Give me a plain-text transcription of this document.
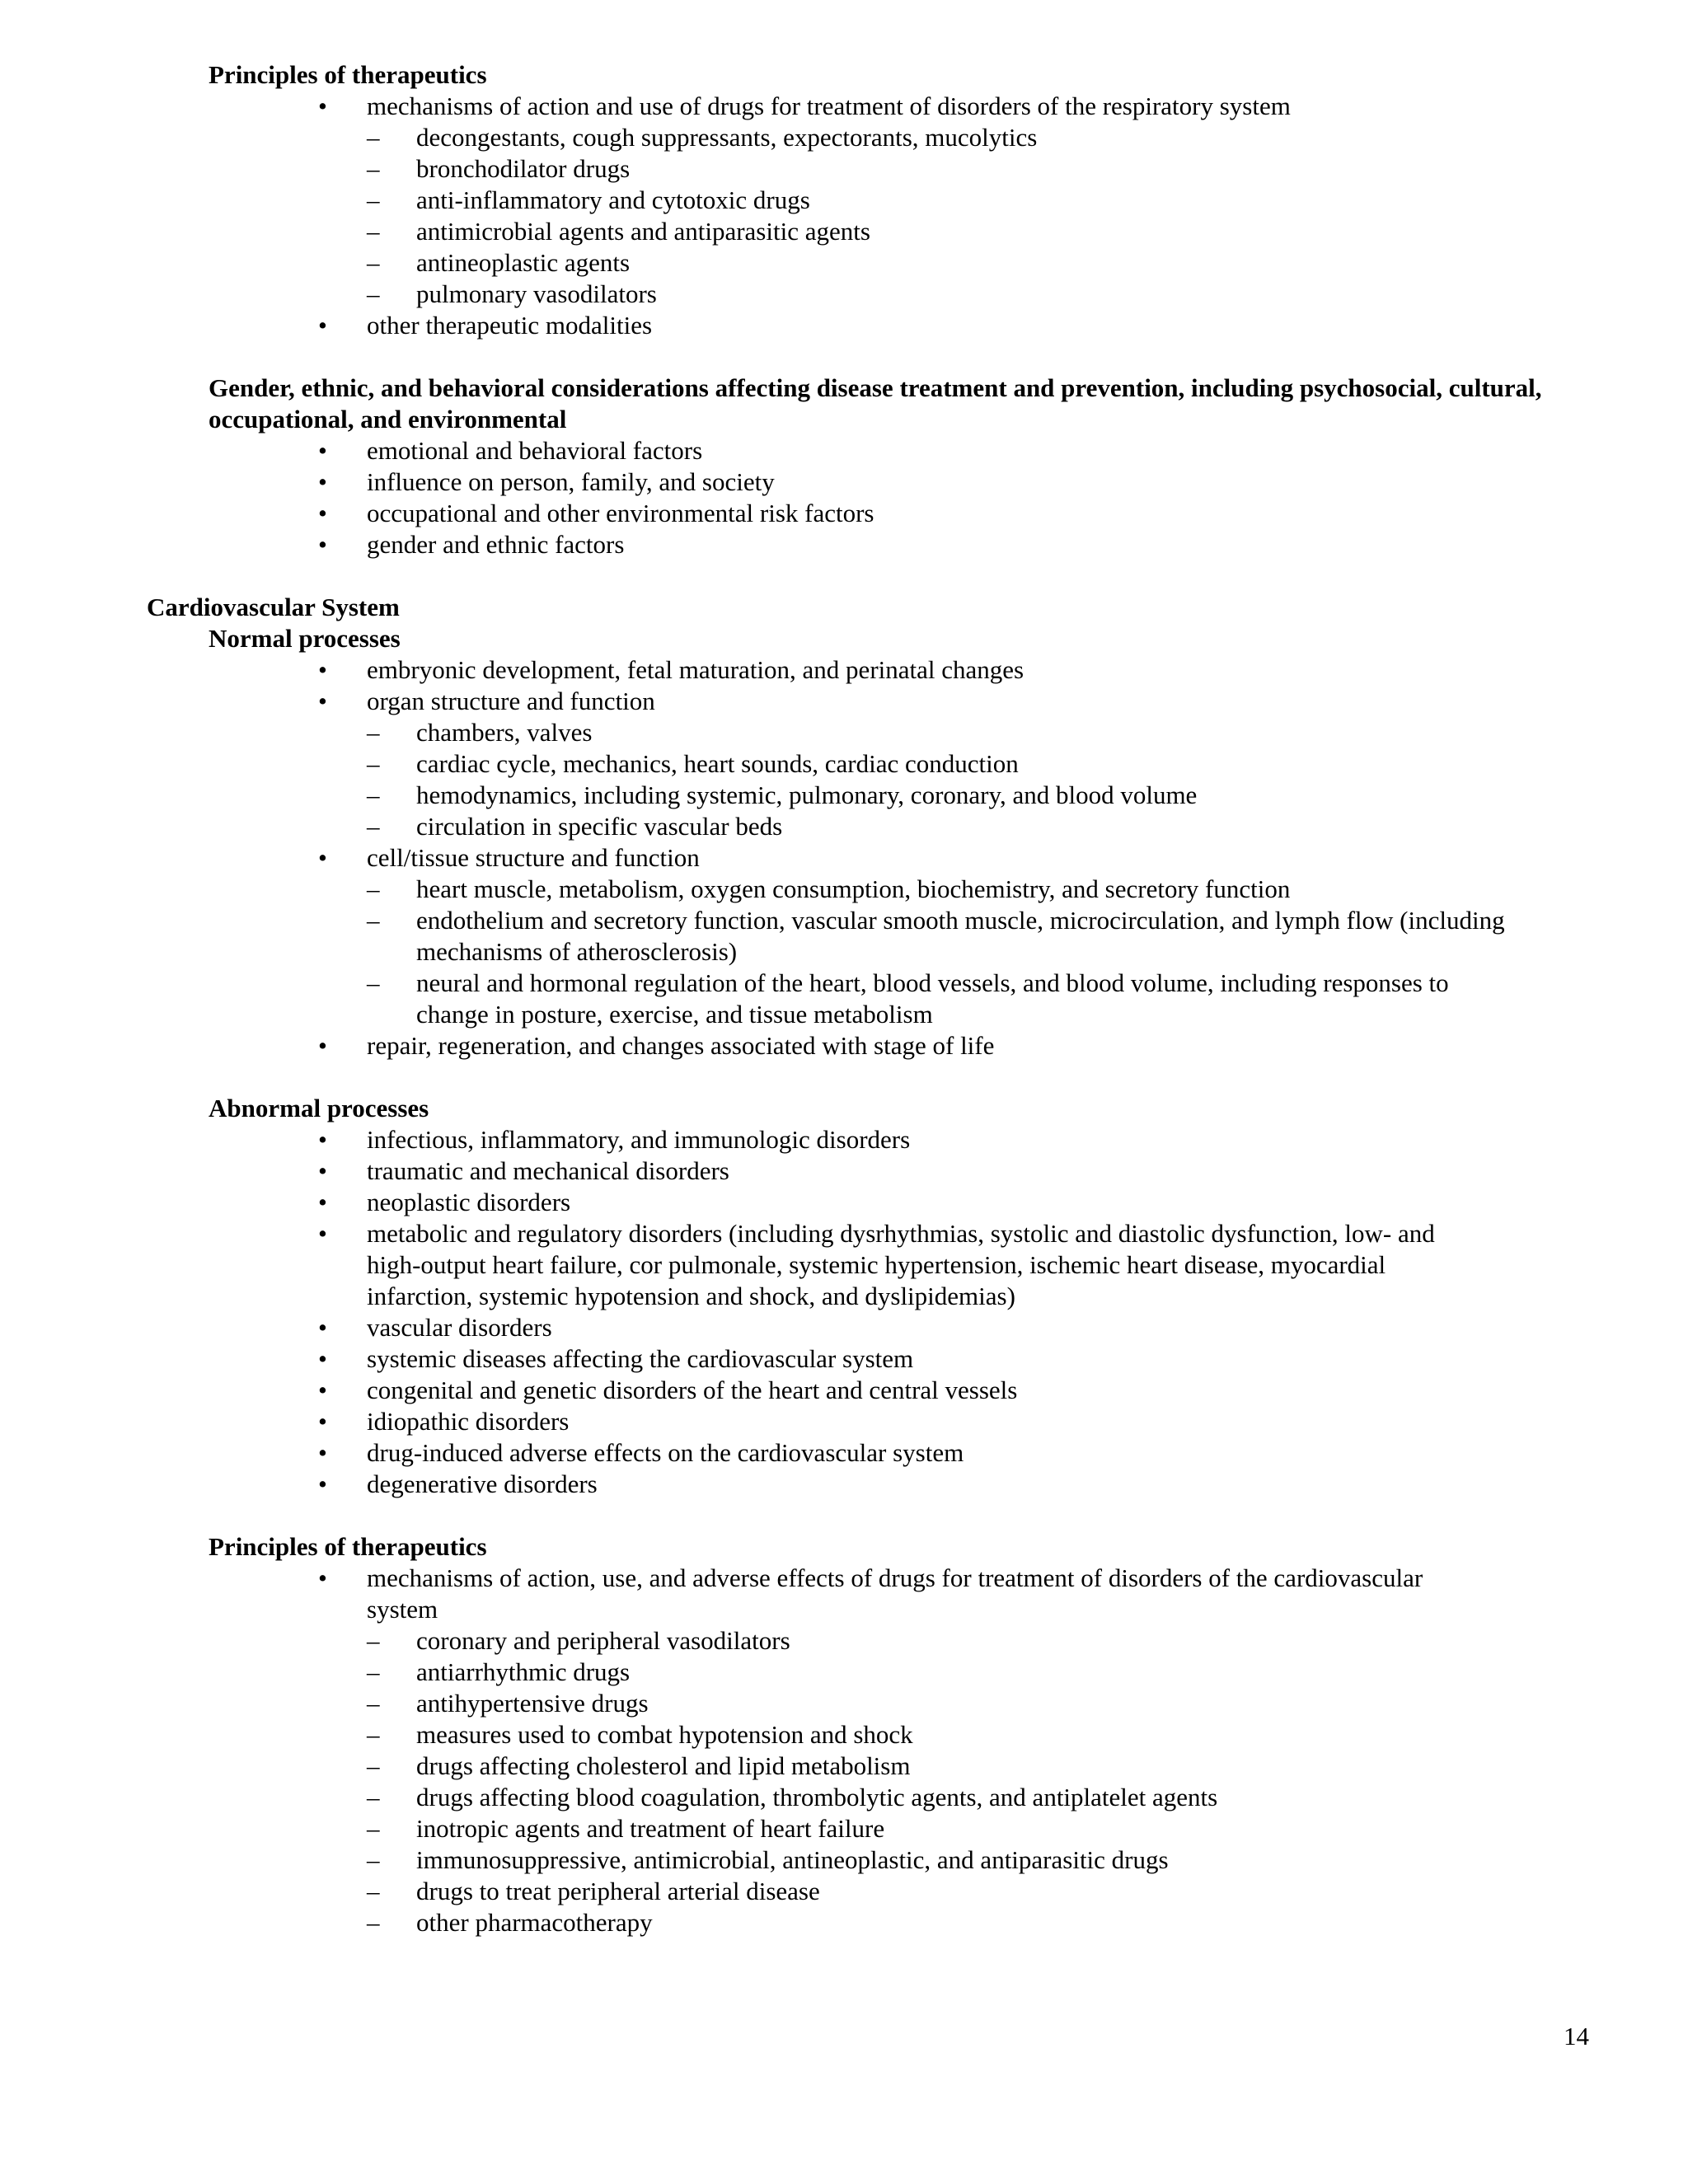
Principles of therapeutics
• mechanisms of action and use of drugs for treatment of disorders of the respiratory system
– decongestants, cough suppressants, expectorants, mucolytics
– bronchodilator drugs
– anti-inflammatory and cytotoxic drugs
– antimicrobial agents and antiparasitic agents
– antineoplastic agents
– pulmonary vasodilators
• other therapeutic modalities
Gender, ethnic, and behavioral considerations affecting disease treatment and prevention, including psychosocial, cultural, occupational, and environmental
• emotional and behavioral factors
• influence on person, family, and society
• occupational and other environmental risk factors
• gender and ethnic factors
Cardiovascular System
Normal processes
• embryonic development, fetal maturation, and perinatal changes
• organ structure and function
– chambers, valves
– cardiac cycle, mechanics, heart sounds, cardiac conduction
– hemodynamics, including systemic, pulmonary, coronary, and blood volume
– circulation in specific vascular beds
• cell/tissue structure and function
– heart muscle, metabolism, oxygen consumption, biochemistry, and secretory function
– endothelium and secretory function, vascular smooth muscle, microcirculation, and lymph flow (including mechanisms of atherosclerosis)
– neural and hormonal regulation of the heart, blood vessels, and blood volume, including responses to change in posture, exercise, and tissue metabolism
• repair, regeneration, and changes associated with stage of life
Abnormal processes
• infectious, inflammatory, and immunologic disorders
• traumatic and mechanical disorders
• neoplastic disorders
• metabolic and regulatory disorders (including dysrhythmias, systolic and diastolic dysfunction, low- and high-output heart failure, cor pulmonale, systemic hypertension, ischemic heart disease, myocardial infarction, systemic hypotension and shock, and dyslipidemias)
• vascular disorders
• systemic diseases affecting the cardiovascular system
• congenital and genetic disorders of the heart and central vessels
• idiopathic disorders
• drug-induced adverse effects on the cardiovascular system
• degenerative disorders
Principles of therapeutics
• mechanisms of action, use, and adverse effects of drugs for treatment of disorders of the cardiovascular system
– coronary and peripheral vasodilators
– antiarrhythmic drugs
– antihypertensive drugs
– measures used to combat hypotension and shock
– drugs affecting cholesterol and lipid metabolism
– drugs affecting blood coagulation, thrombolytic agents, and antiplatelet agents
– inotropic agents and treatment of heart failure
– immunosuppressive, antimicrobial, antineoplastic, and antiparasitic drugs
– drugs to treat peripheral arterial disease
– other pharmacotherapy
14
